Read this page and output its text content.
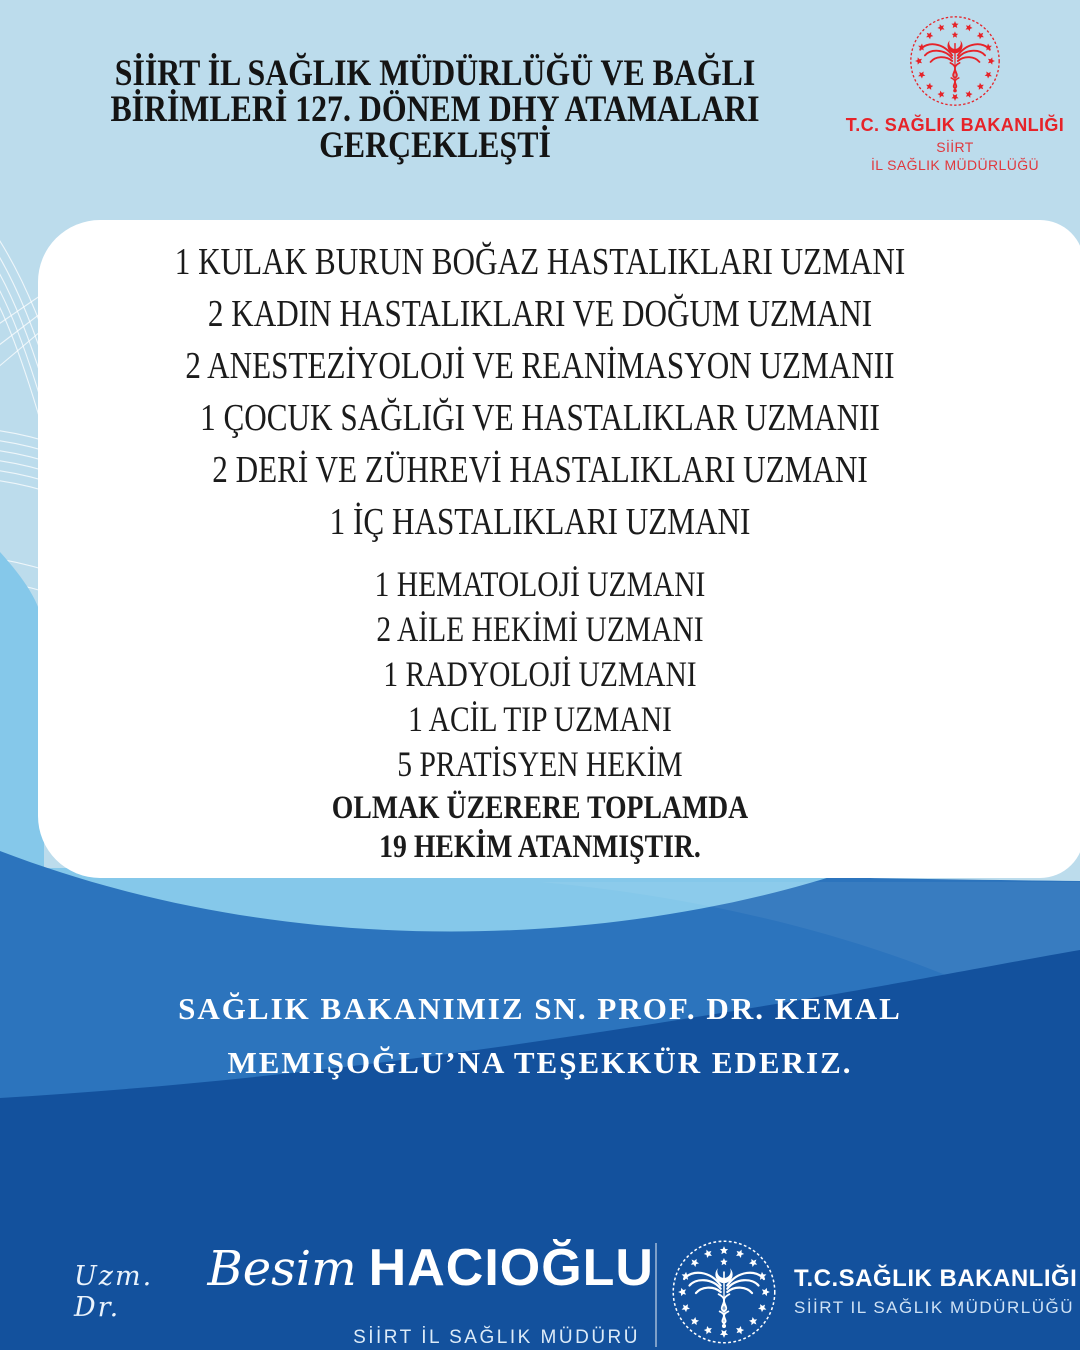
SİİRT İL SAĞLIK MÜDÜRLÜĞÜ VE BAĞLI
BİRİMLERİ 127. DÖNEM DHY ATAMALARI
GERÇEKLEŞTİ	T.C. SAĞLIK BAKANLIĞI
SİİRT
İL SAĞLIK MÜDÜRLÜĞÜ
1 KULAK BURUN BOĞAZ HASTALIKLARI UZMANI
2 KADIN HASTALIKLARI VE DOĞUM UZMANI
2 ANESTEZİYOLOJİ VE REANİMASYON UZMANII
1 ÇOCUK SAĞLIĞI VE HASTALIKLAR UZMANII
2 DERİ VE ZÜHREVİ HASTALIKLARI UZMANI
1 İÇ HASTALIKLARI UZMANI
1 HEMATOLOJİ UZMANI
2 AİLE HEKİMİ UZMANI
1 RADYOLOJİ UZMANI
1 ACİL TIP UZMANI
5 PRATİSYEN HEKİM
OLMAK ÜZERERE TOPLAMDA
19 HEKİM ATANMIŞTIR.
SAĞLIK BAKANIMIZ SN. PROF. DR. KEMAL
MEMIŞOĞLU’NA TEŞEKKÜR EDERIZ.
Uzm. Dr.
Besim HACIOĞLU
SİİRT İL SAĞLIK MÜDÜRÜ
T.C.SAĞLIK BAKANLIĞI
SİİRT IL SAĞLIK MÜDÜRLÜĞÜ
